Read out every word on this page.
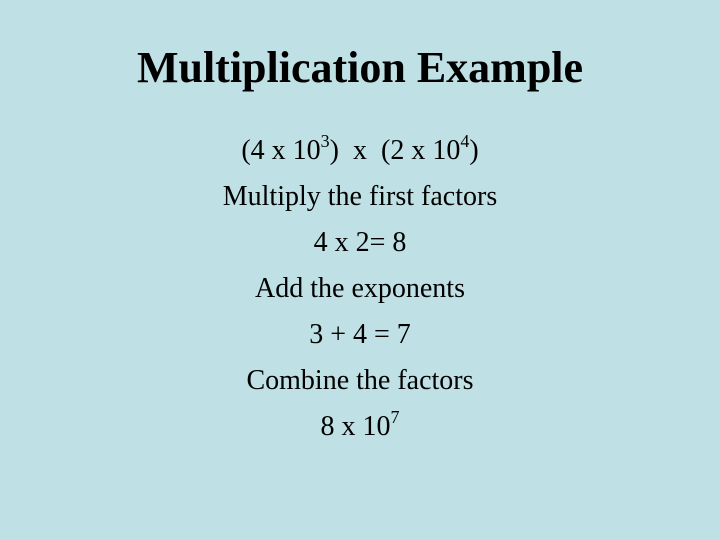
Multiplication Example
(4 x $10^3$)  x  (2 x $10^4$)
Multiply the first factors
4 x 2= 8
Add the exponents
3 + 4 = 7
Combine the factors
8 x $10^7$
